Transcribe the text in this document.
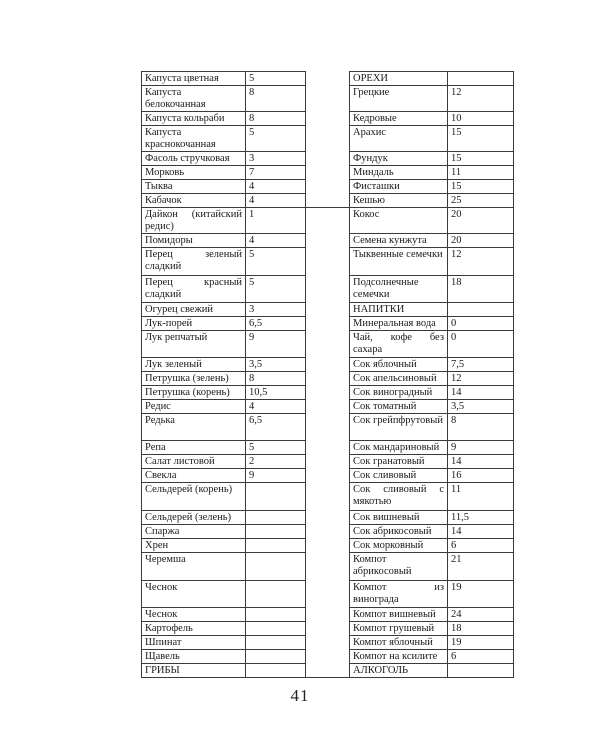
Капуста цветная	5		ОРЕХИ	
Капуста белокочанная	8		Грецкие	12
Капуста кольраби	8		Кедровые	10
Капуста краснокочанная	5		Арахис	15
Фасоль стручковая	3		Фундук	15
Морковь	7		Миндаль	11
Тыква	4		Фисташки	15
Кабачок	4		Кешью	25
Дайкон (китайский редис)	1		Кокос	20
Помидоры	4		Семена кунжута	20
Перец зеленый сладкий	5		Тыквенные семечки	12
Перец красный сладкий	5		Подсолнечные семечки	18
Огурец свежий	3		НАПИТКИ	
Лук-порей	6,5		Минеральная вода	0
Лук репчатый	9		Чай, кофе без сахара	0
Лук зеленый	3,5		Сок яблочный	7,5
Петрушка (зелень)	8		Сок апельсиновый	12
Петрушка (корень)	10,5		Сок виноградный	14
Редис	4		Сок томатный	3,5
Редька	6,5		Сок грейпфрутовый	8
Репа	5		Сок мандариновый	9
Салат листовой	2		Сок гранатовый	14
Свекла	9		Сок сливовый	16
Сельдерей (корень)			Сок сливовый с мякотью	11
Сельдерей (зелень)			Сок вишневый	11,5
Спаржа			Сок абрикосовый	14
Хрен			Сок морковный	6
Черемша			Компот абрикосовый	21
Чеснок			Компот из винограда	19
Чеснок			Компот вишневый	24
Картофель			Компот грушевый	18
Шпинат			Компот яблочный	19
Щавель			Компот на ксилите	6
ГРИБЫ			АЛКОГОЛЬ	
41
